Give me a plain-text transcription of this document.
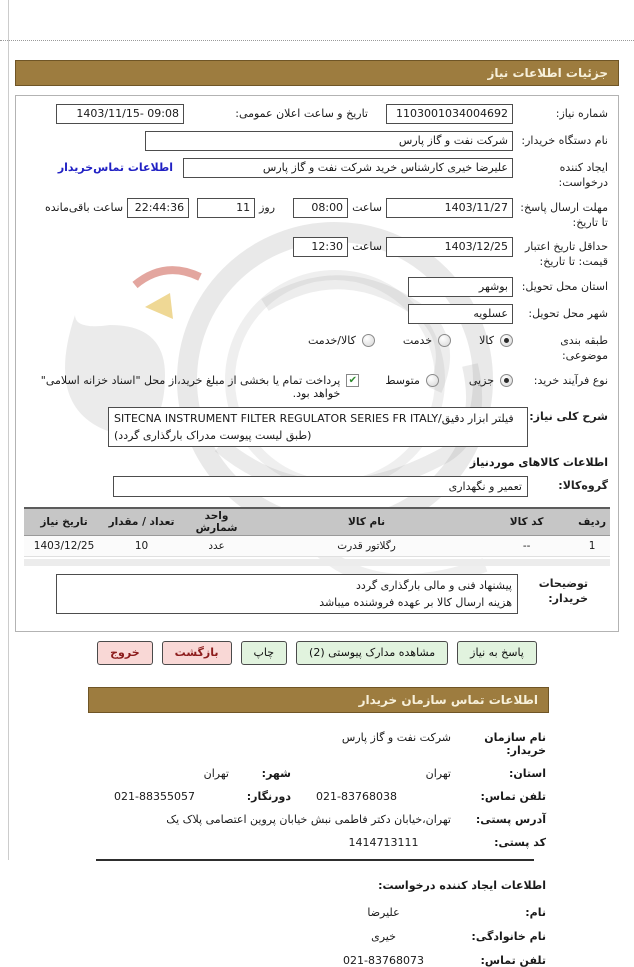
جزئیات اطلاعات نیاز
شماره نیاز:
1103001034004692
تاریخ و ساعت اعلان عمومی:
1403/11/15- 09:08
نام دستگاه خریدار:
شرکت نفت و گاز پارس
ایجاد کننده درخواست:
علیرضا خیری کارشناس خرید شرکت نفت و گاز پارس
اطلاعات تماس‌خریدار
مهلت ارسال پاسخ: تا تاریخ:
1403/11/27
ساعت
08:00
روز
11
22:44:36
ساعت باقی‌مانده
حداقل تاریخ اعتبار قیمت: تا تاریخ:
1403/12/25
ساعت
12:30
استان محل تحویل:
بوشهر
شهر محل تحویل:
عسلویه
طبقه بندی موضوعی:
کالا
خدمت
کالا/خدمت
نوع فرآیند خرید:
جزیی
متوسط
✔
پرداخت تمام یا بخشی از مبلغ خرید،از محل "اسناد خزانه اسلامی" خواهد بود.
شرح کلی نیاز:
SITECNA INSTRUMENT FILTER REGULATOR SERIES FR ITALY/فیلتر ابزار دقیق (طبق لیست پیوست مدراک بارگذاری گردد)
اطلاعات کالاهای موردنیاز
گروه‌کالا:
تعمیر و نگهداری
ردیف	کد کالا	نام کالا	واحد شمارش	تعداد / مقدار	تاریخ نیاز
1	--	رگلاتور قدرت	عدد	10	1403/12/25
توضیحات خریدار:
پیشنهاد فنی و مالی بارگذاری گردد
هزینه ارسال کالا بر عهده فروشنده میباشد
پاسخ به نیاز
مشاهده مدارک پیوستی (2)
چاپ
بازگشت
خروج
اطلاعات تماس سازمان خریدار
نام سازمان خریدار:
شرکت نفت و گاز پارس
استان:
تهران
شهر:
تهران
تلفن تماس:
021-83768038
دورنگار:
021-88355057
آدرس پستی:
تهران،خیابان دکتر فاطمی نبش خیابان پروین اعتصامی پلاک یک
کد پستی:
1414713111
اطلاعات ایجاد کننده درخواست:
نام:
علیرضا
نام خانوادگی:
خیری
تلفن تماس:
021-83768073
